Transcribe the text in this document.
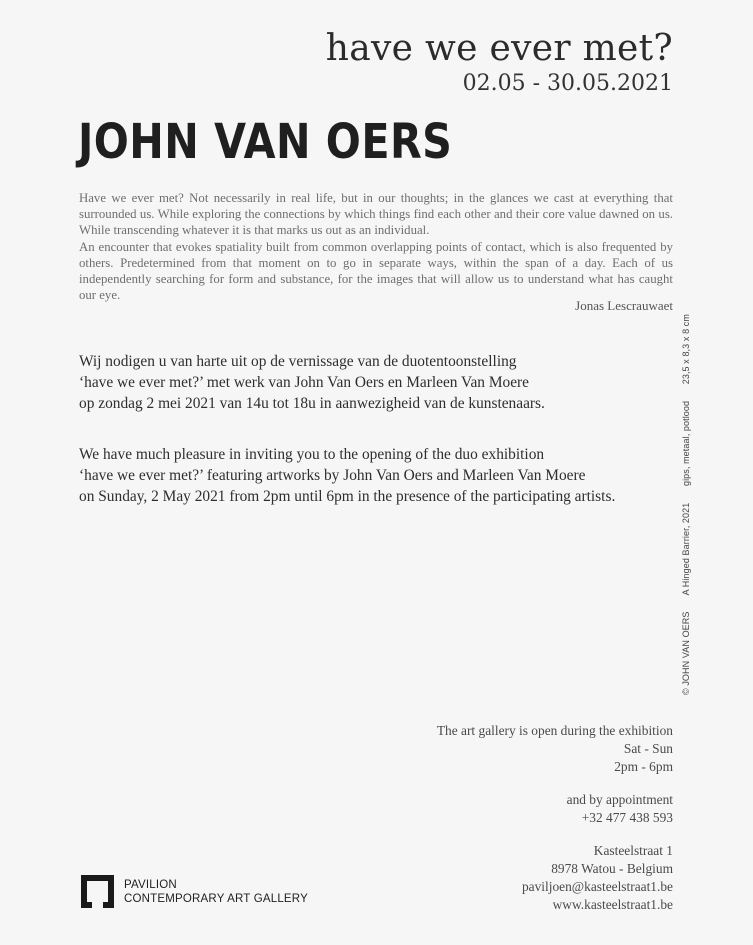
have we ever met?
02.05 - 30.05.2021
JOHN VAN OERS

Have we ever met? Not necessarily in real life, but in our thoughts; in the glances we cast at everything that surrounded us. While exploring the connections by which things find each other and their core value dawned on us. While transcending whatever it is that marks us out as an individual.

An encounter that evokes spatiality built from common overlapping points of contact, which is also frequented by others. Predetermined from that moment on to go in separate ways, within the span of a day. Each of us independently searching for form and substance, for the images that will allow us to understand what has caught our eye.

Jonas Lescrauwaet
Wij nodigen u van harte uit op de vernissage van de duotentoonstelling
‘have we ever met?’ met werk van John Van Oers en Marleen Van Moere
op zondag 2 mei 2021 van 14u tot 18u in aanwezigheid van de kunstenaars.
We have much pleasure in inviting you to the opening of the duo exhibition
‘have we ever met?’ featuring artworks by John Van Oers and Marleen Van Moere
on Sunday, 2 May 2021 from 2pm until 6pm in the presence of the participating artists.
© JOHN VAN OERS A Hinged Barrier, 2021 gips, metaal, potlood 23,5 x 8,3 x 8 cm
The art gallery is open during the exhibition
Sat - Sun
2pm - 6pm
and by appointment
+32 477 438 593
Kasteelstraat 1
8978 Watou - Belgium
paviljoen@kasteelstraat1.be
www.kasteelstraat1.be
PAVILION
CONTEMPORARY ART GALLERY
